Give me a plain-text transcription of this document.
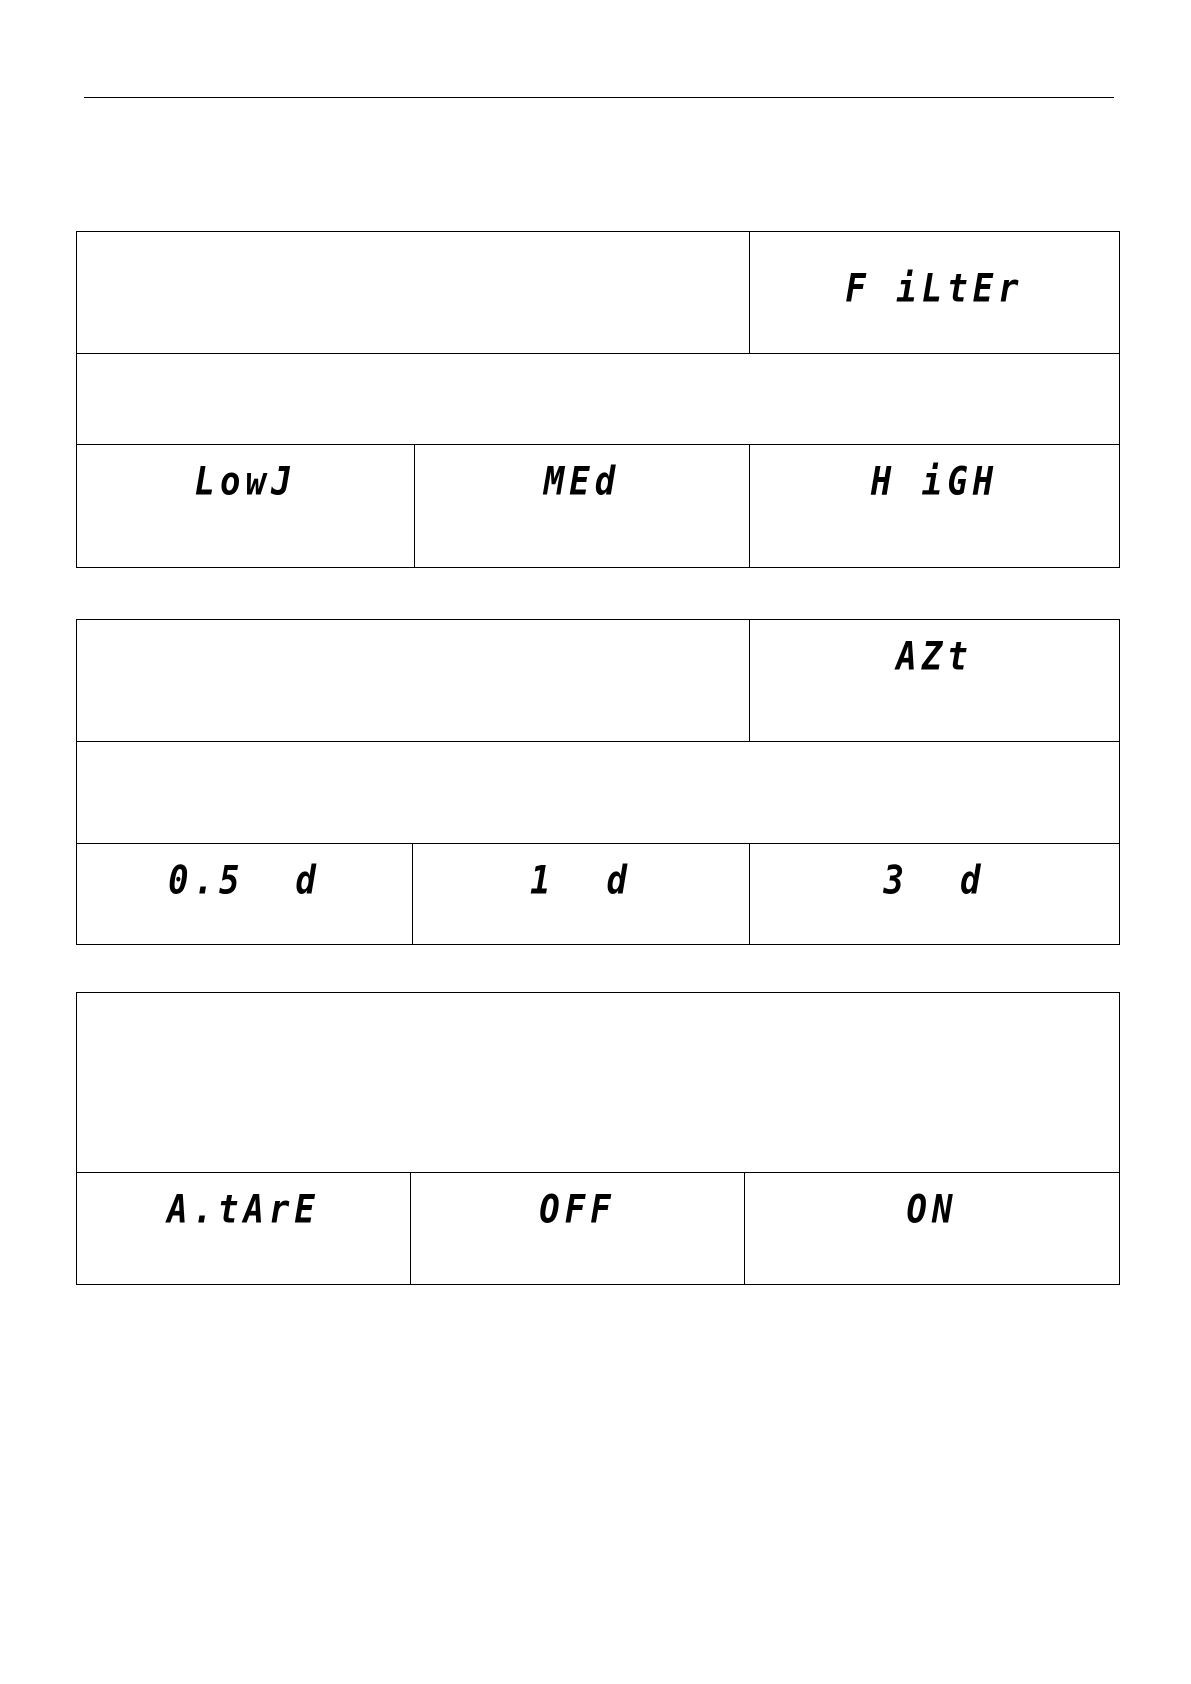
		F iLtEr

LowJ	MEd	H iGH
		AZt

0.5  d	1  d	3  d

A.tArE	OFF	ON
